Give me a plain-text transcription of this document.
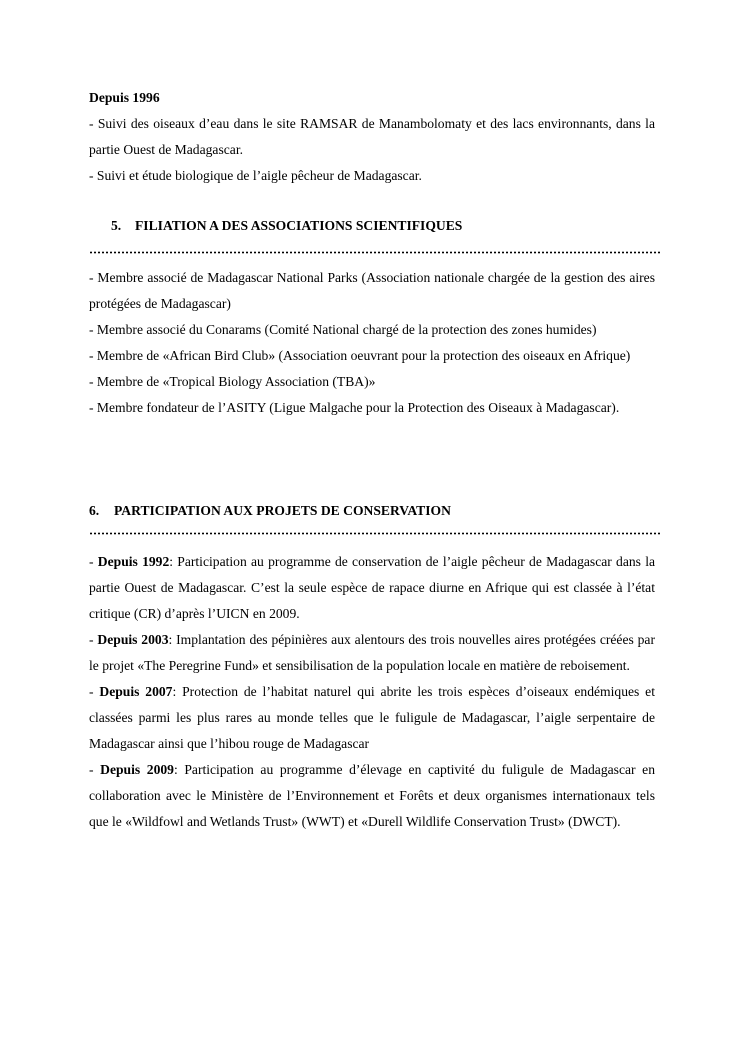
Depuis 1996

- Suivi des oiseaux d’eau dans le site RAMSAR de Manambolomaty et des lacs environnants, dans la partie Ouest de Madagascar.

- Suivi et étude biologique de l’aigle pêcheur de Madagascar.

5. FILIATION A DES ASSOCIATIONS SCIENTIFIQUES

- Membre associé de Madagascar National Parks (Association nationale chargée de la gestion des aires protégées de Madagascar)

- Membre associé du Conarams (Comité National chargé de la protection des zones humides)

- Membre de «African Bird Club» (Association oeuvrant pour la protection des oiseaux en Afrique)

- Membre de «Tropical Biology Association (TBA)»

- Membre fondateur de l’ASITY (Ligue Malgache pour la Protection des Oiseaux à Madagascar).

6. PARTICIPATION AUX PROJETS DE CONSERVATION

- Depuis 1992: Participation au programme de conservation de l’aigle pêcheur de Madagascar dans la partie Ouest de Madagascar. C’est la seule espèce de rapace diurne en Afrique qui est classée à l’état critique (CR) d’après l’UICN en 2009.

- Depuis 2003: Implantation des pépinières aux alentours des trois nouvelles aires protégées créées par le projet «The Peregrine Fund» et sensibilisation de la population locale en matière de reboisement.

- Depuis 2007: Protection de l’habitat naturel qui abrite les trois espèces d’oiseaux endémiques et classées parmi les plus rares au monde telles que le fuligule de Madagascar, l’aigle serpentaire de Madagascar ainsi que l’hibou rouge de Madagascar

- Depuis 2009: Participation au programme d’élevage en captivité du fuligule de Madagascar en collaboration avec le Ministère de l’Environnement et Forêts et deux organismes internationaux tels que le «Wildfowl and Wetlands Trust» (WWT) et «Durell Wildlife Conservation Trust» (DWCT).
